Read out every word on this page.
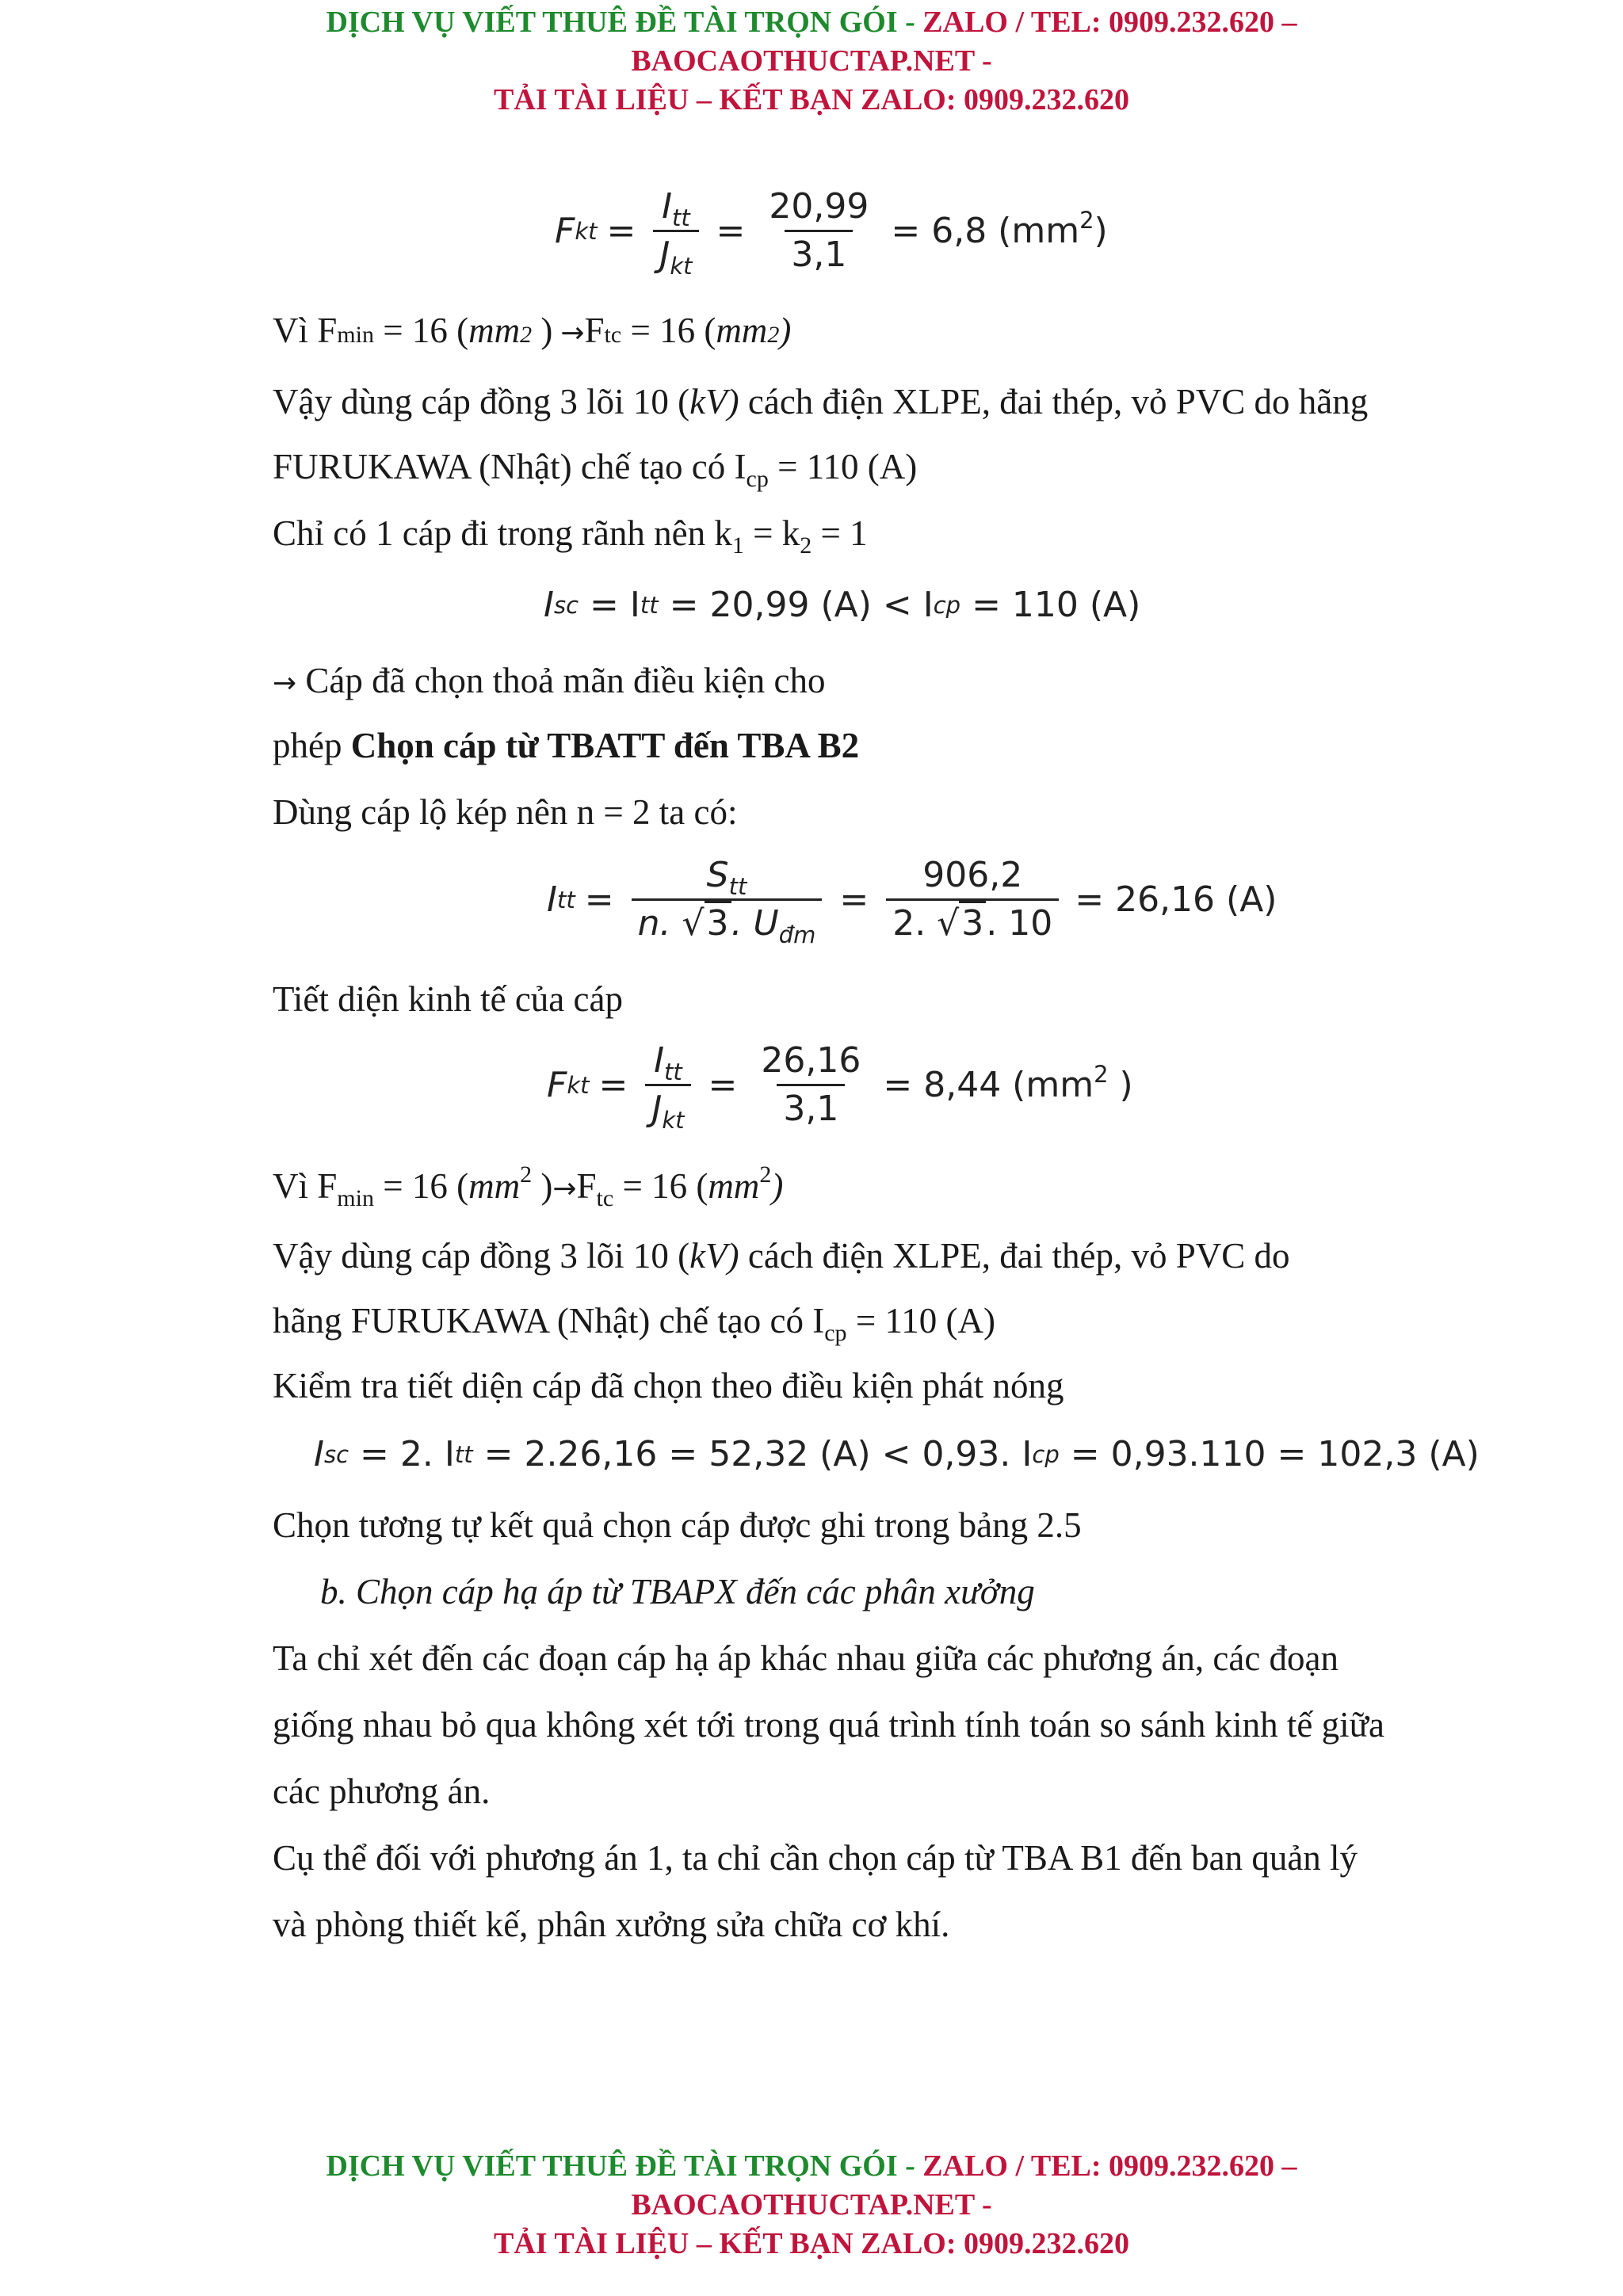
DỊCH VỤ VIẾT THUÊ ĐỀ TÀI TRỌN GÓI - ZALO / TEL: 0909.232.620 –
BAOCAOTHUCTAP.NET -
TẢI TÀI LIỆU – KẾT BẠN ZALO: 0909.232.620
F kt = $\frac{I_{tt}}{J_{kt}} = \frac{20,99}{3,1} = 6,8$ $(mm^2)$
Vì Fmin = 16 (mm2 ) →Ftc = 16 (mm2)
Vậy dùng cáp đồng 3 lõi 10 (kV) cách điện XLPE, đai thép, vỏ PVC do hãng
FURUKAWA (Nhật) chế tạo có $I_{cp} = 110$ (A)
Chỉ có 1 cáp đi trong rãnh nên $k_1 = k_2 = 1$
I sc = I tt = 20,99 (A) < I cp = 110 (A)
→ Cáp đã chọn thoả mãn điều kiện cho
phép Chọn cáp từ TBATT đến TBA B2
Dùng cáp lộ kép nên n = 2 ta có:
I tt = $\frac{S_{tt}}{n. √3. U_{đm}} = \frac{906,2}{2. √3. 10} = 26,16$ (A)
Tiết diện kinh tế của cáp
F kt = $\frac{I_{tt}}{J_{kt}} = \frac{26,16}{3,1} = 8,44$ ($mm^2$ )
Vì $F_{min} = 16$ ($mm^2$ )$\to F_{tc} = 16$ $(mm^2)$
Vậy dùng cáp đồng 3 lõi 10 (kV) cách điện XLPE, đai thép, vỏ PVC do
hãng FURUKAWA (Nhật) chế tạo có $I_{cp} = 110$ (A)
Kiểm tra tiết diện cáp đã chọn theo điều kiện phát nóng
I sc = 2. I tt = 2.26,16 = 52,32 (A) < 0,93. I cp = 0,93.110 = 102,3 (A)
Chọn tương tự kết quả chọn cáp được ghi trong bảng 2.5
b. Chọn cáp hạ áp từ TBAPX đến các phân xưởng
Ta chỉ xét đến các đoạn cáp hạ áp khác nhau giữa các phương án, các đoạn
giống nhau bỏ qua không xét tới trong quá trình tính toán so sánh kinh tế giữa
các phương án.
Cụ thể đối với phương án 1, ta chỉ cần chọn cáp từ TBA B1 đến ban quản lý
và phòng thiết kế, phân xưởng sửa chữa cơ khí.
DỊCH VỤ VIẾT THUÊ ĐỀ TÀI TRỌN GÓI - ZALO / TEL: 0909.232.620 –
BAOCAOTHUCTAP.NET -
TẢI TÀI LIỆU – KẾT BẠN ZALO: 0909.232.620
